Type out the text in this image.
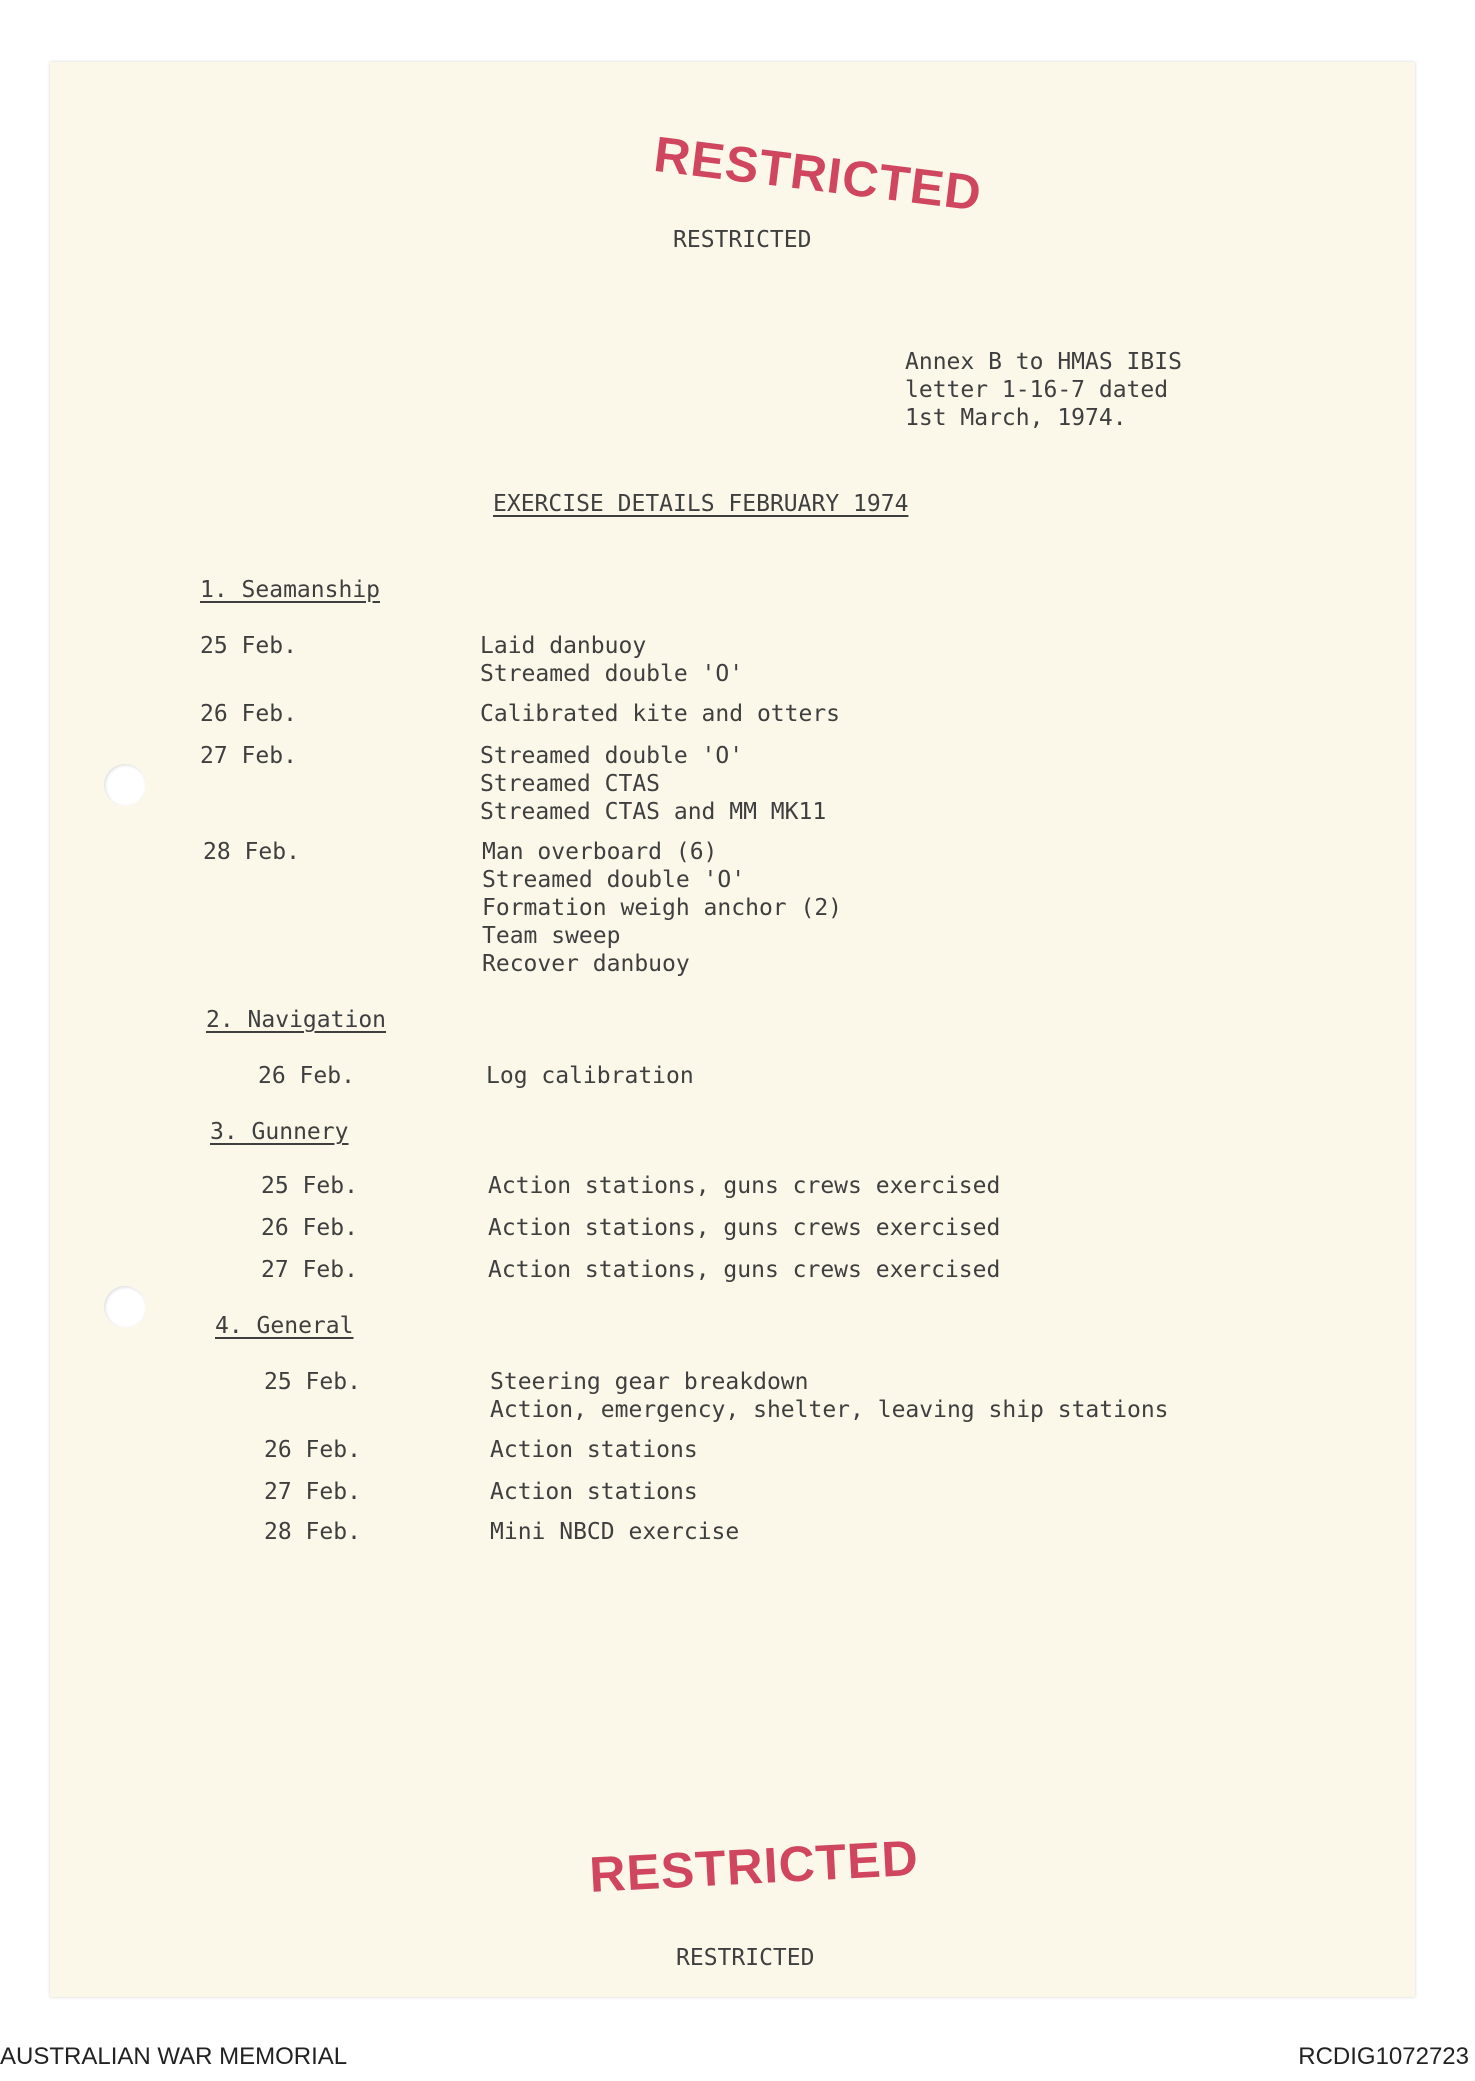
RESTRICTED
RESTRICTED
Annex B to HMAS IBIS
letter 1-16-7 dated
1st March, 1974.
EXERCISE DETAILS FEBRUARY 1974
1. Seamanship
25 Feb.	Laid danbuoy
Streamed double 'O'
26 Feb.	Calibrated kite and otters
27 Feb.	Streamed double 'O'
Streamed CTAS
Streamed CTAS and MM MK11
28 Feb.	Man overboard (6)
Streamed double 'O'
Formation weigh anchor (2)
Team sweep
Recover danbuoy
2. Navigation
26 Feb.	Log calibration
3. Gunnery
25 Feb.	Action stations, guns crews exercised
26 Feb.	Action stations, guns crews exercised
27 Feb.	Action stations, guns crews exercised
4. General
25 Feb.	Steering gear breakdown
Action, emergency, shelter, leaving ship stations
26 Feb.	Action stations
27 Feb.	Action stations
28 Feb.	Mini NBCD exercise
RESTRICTED
RESTRICTED
AUSTRALIAN WAR MEMORIAL	RCDIG1072723
